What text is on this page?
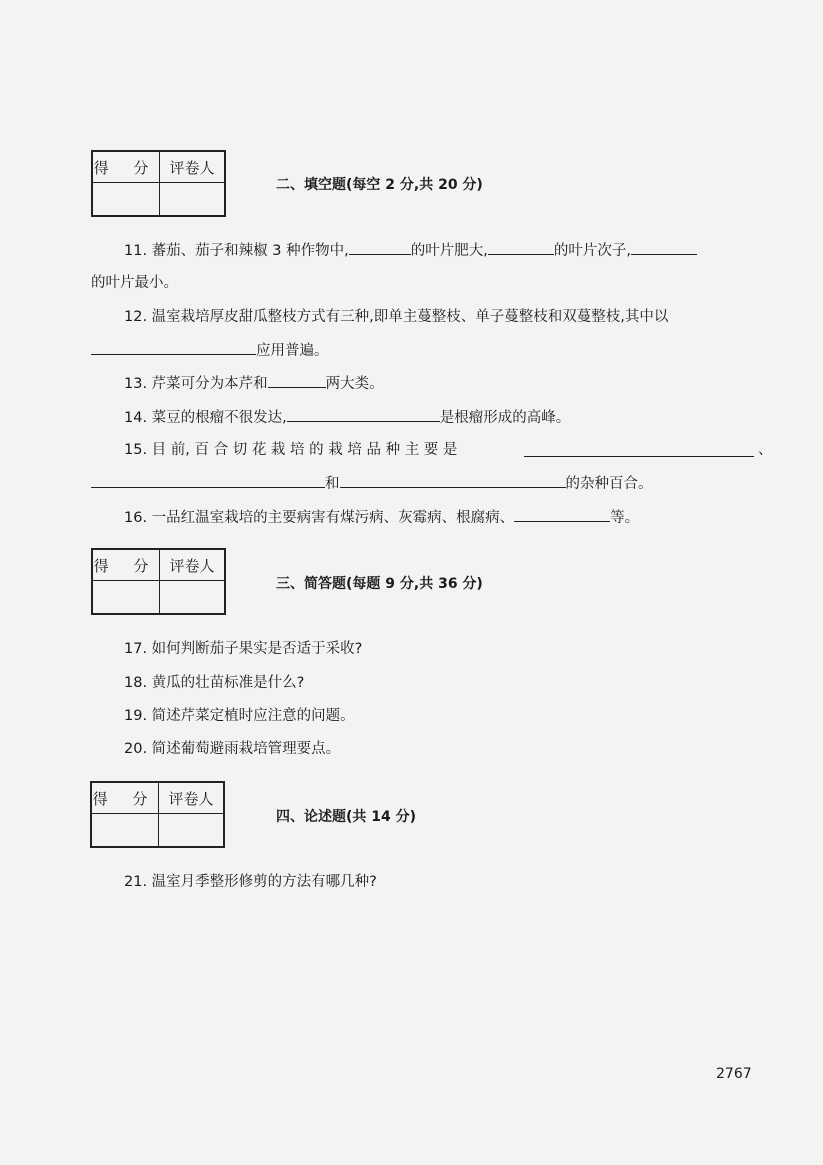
得 分	评卷人

二、填空题(每空 2 分,共 20 分)
11. 蕃茄、茄子和辣椒 3 种作物中,	的叶片肥大,	的叶片次子,
的叶片最小。
12. 温室栽培厚皮甜瓜整枝方式有三种,即单主蔓整枝、单子蔓整枝和双蔓整枝,其中以
应用普遍。
13. 芹菜可分为本芹和	两大类。
14. 菜豆的根瘤不很发达,	是根瘤形成的高峰。
15. 目 前, 百 合 切 花 栽 培 的 栽 培 品 种 主 要 是	、
和	的杂种百合。
16. 一品红温室栽培的主要病害有煤污病、灰霉病、根腐病、	等。
得 分	评卷人

三、简答题(每题 9 分,共 36 分)
17. 如何判断茄子果实是否适于采收?
18. 黄瓜的壮苗标准是什么?
19. 简述芹菜定植时应注意的问题。
20. 简述葡萄避雨栽培管理要点。
得 分	评卷人

四、论述题(共 14 分)
21. 温室月季整形修剪的方法有哪几种?
2767
